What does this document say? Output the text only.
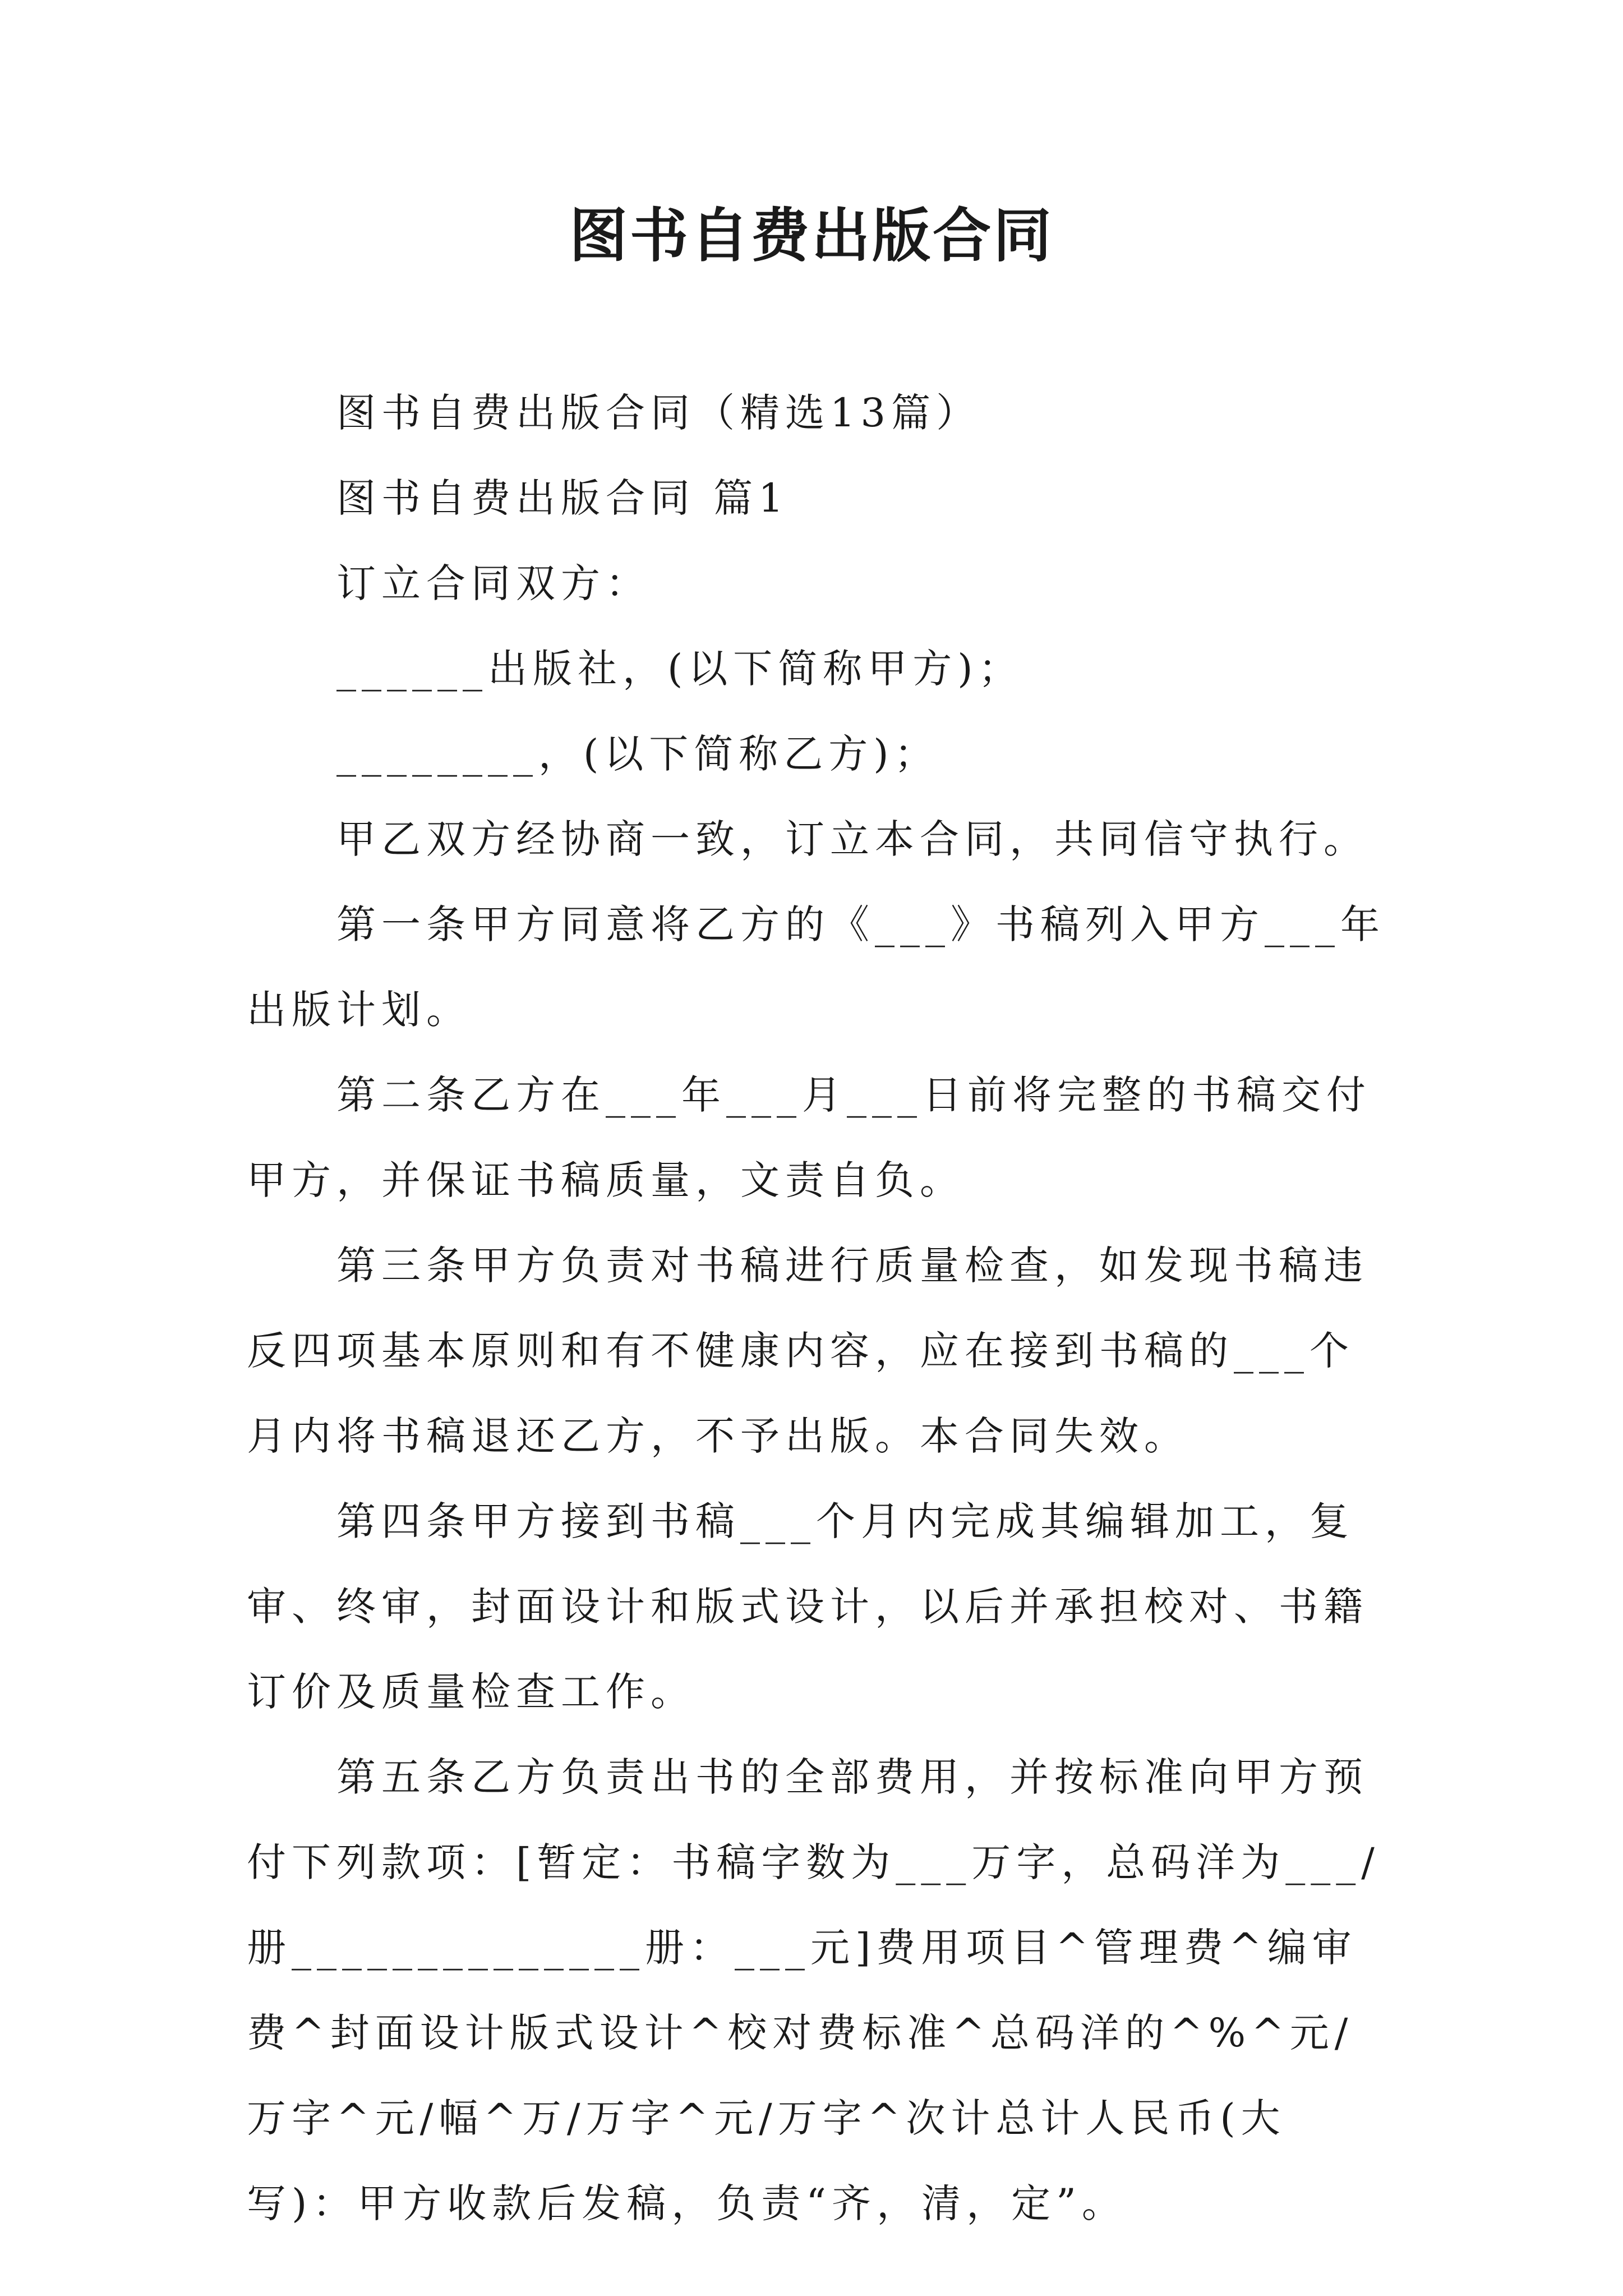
图书自费出版合同

图书自费出版合同（精选13篇）

图书自费出版合同 篇1

订立合同双方：

______出版社，(以下简称甲方)；

________，(以下简称乙方)；

甲乙双方经协商一致，订立本合同，共同信守执行。

第一条甲方同意将乙方的《___》书稿列入甲方___年出版计划。

第二条乙方在___年___月___日前将完整的书稿交付甲方，并保证书稿质量，文责自负。

第三条甲方负责对书稿进行质量检查，如发现书稿违反四项基本原则和有不健康内容，应在接到书稿的___个月内将书稿退还乙方，不予出版。本合同失效。

第四条甲方接到书稿___个月内完成其编辑加工，复审、终审，封面设计和版式设计，以后并承担校对、书籍订价及质量检查工作。

第五条乙方负责出书的全部费用，并按标准向甲方预付下列款项：[暂定：书稿字数为___万字，总码洋为___/册______________册：___元]费用项目^管理费^编审费^封面设计版式设计^校对费标准^总码洋的^%^元/万字^元/幅^万/万字^元/万字^次计总计人民币(大写)：甲方收款后发稿，负责“齐，清，定”。
